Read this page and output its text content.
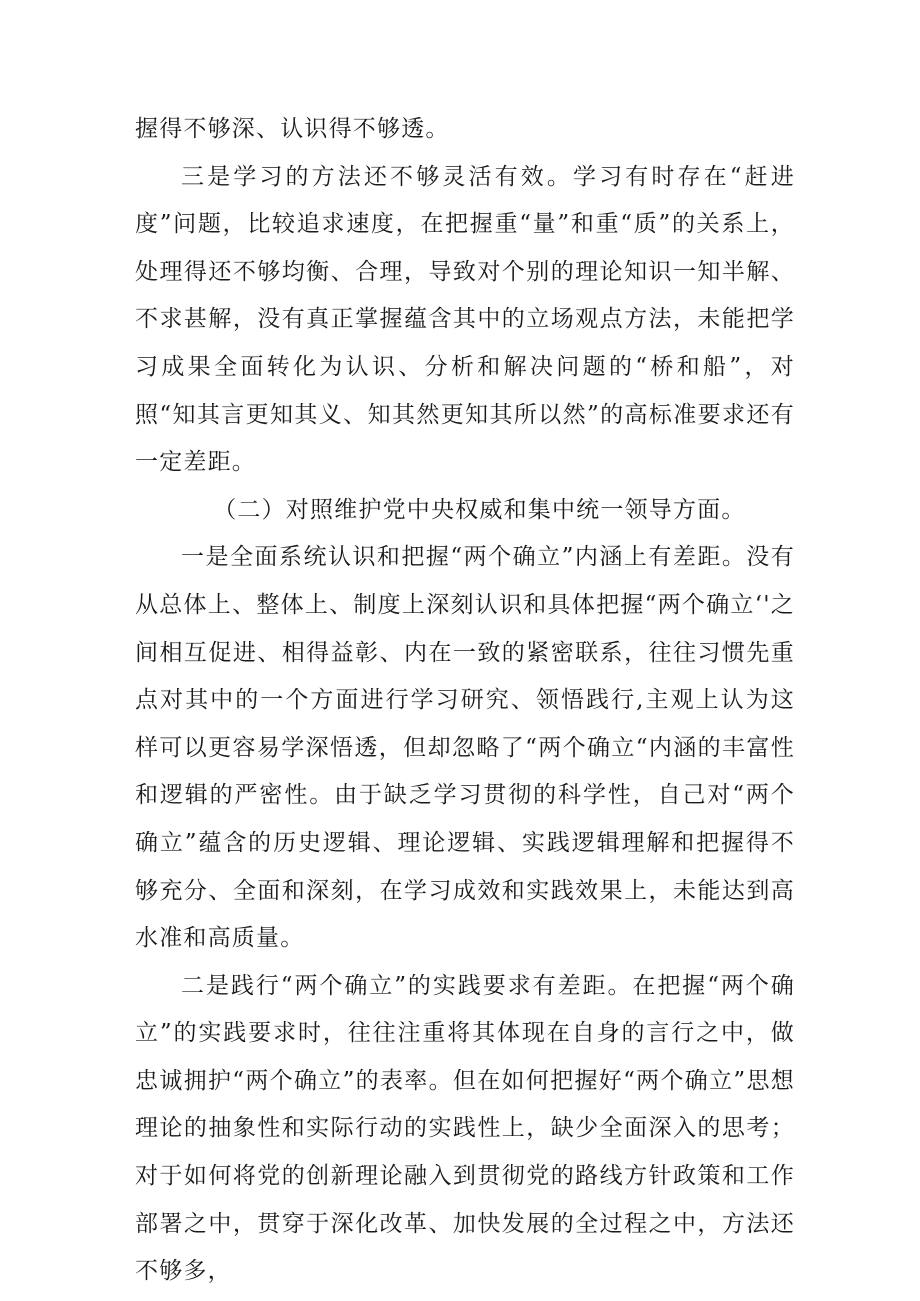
握得不够深、认识得不够透。

三是学习的方法还不够灵活有效。学习有时存在“赶进度”问题，比较追求速度，在把握重“量”和重“质”的关系上，处理得还不够均衡、合理，导致对个别的理论知识一知半解、不求甚解，没有真正掌握蕴含其中的立场观点方法，未能把学习成果全面转化为认识、分析和解决问题的“桥和船”，对照“知其言更知其义、知其然更知其所以然”的高标准要求还有一定差距。

（二）对照维护党中央权威和集中统一领导方面。

一是全面系统认识和把握“两个确立”内涵上有差距。没有从总体上、整体上、制度上深刻认识和具体把握“两个确立‘'之间相互促进、相得益彰、内在一致的紧密联系，往往习惯先重点对其中的一个方面进行学习研究、领悟践行,主观上认为这样可以更容易学深悟透，但却忽略了“两个确立“内涵的丰富性和逻辑的严密性。由于缺乏学习贯彻的科学性，自己对“两个确立”蕴含的历史逻辑、理论逻辑、实践逻辑理解和把握得不够充分、全面和深刻，在学习成效和实践效果上，未能达到高水准和高质量。

二是践行“两个确立”的实践要求有差距。在把握“两个确立”的实践要求时，往往注重将其体现在自身的言行之中，做忠诚拥护“两个确立”的表率。但在如何把握好“两个确立”思想理论的抽象性和实际行动的实践性上，缺少全面深入的思考；对于如何将党的创新理论融入到贯彻党的路线方针政策和工作部署之中，贯穿于深化改革、加快发展的全过程之中，方法还不够多，
